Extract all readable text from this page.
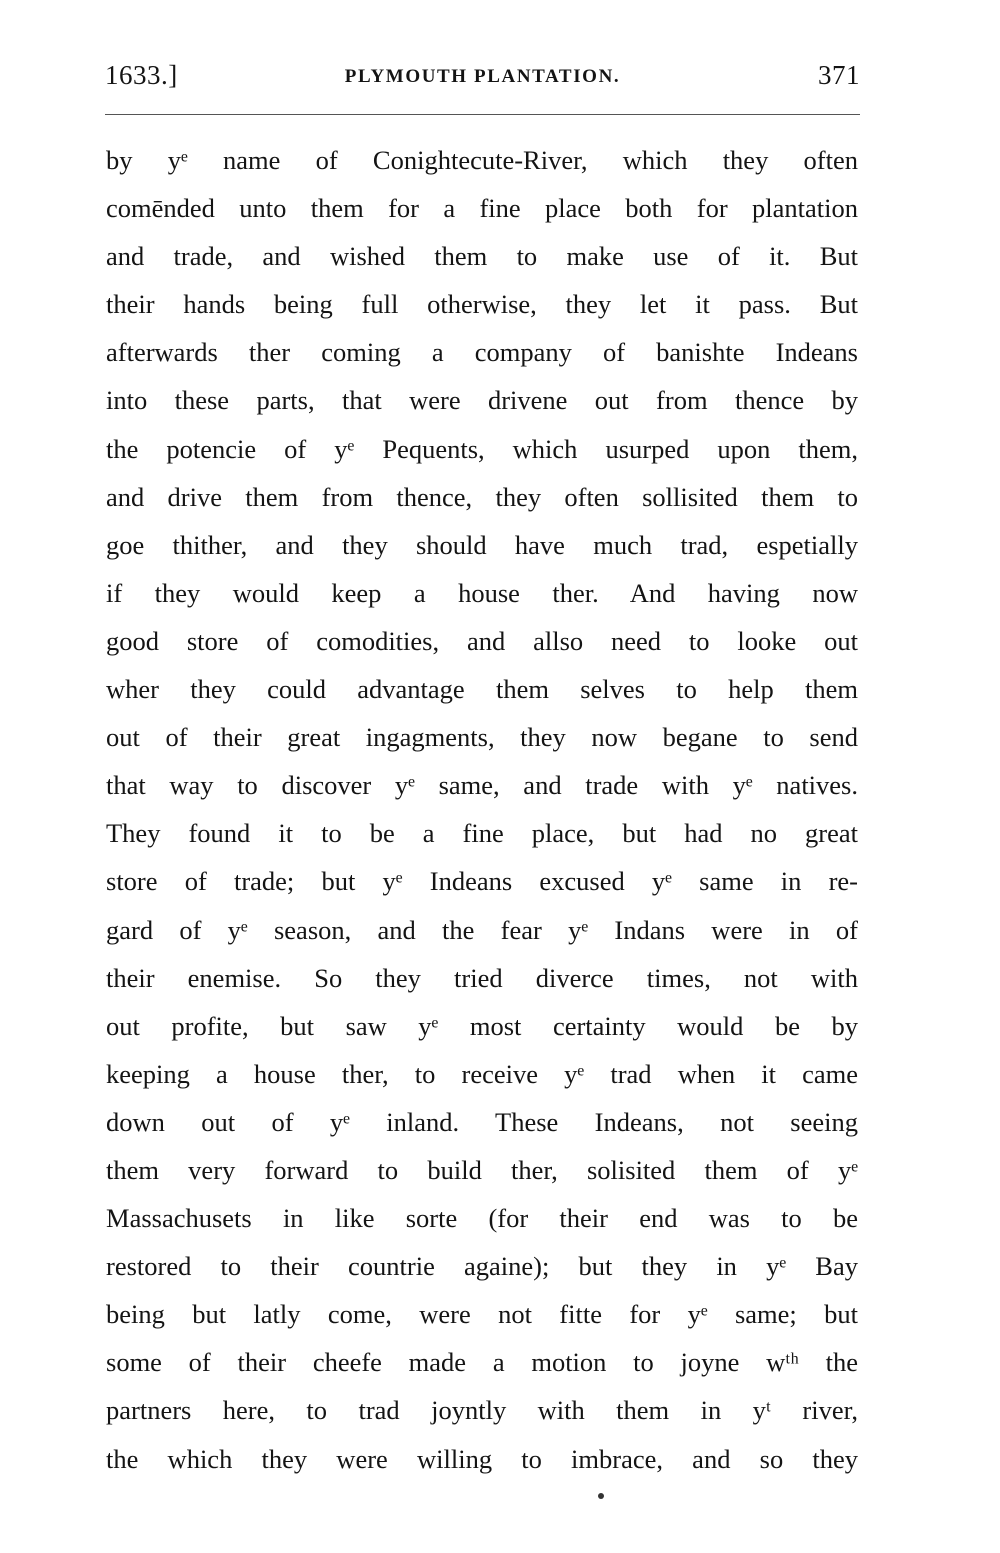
1633.]	PLYMOUTH PLANTATION.	371
by yᵉ name of Conightecute-River, which they often
comēnded unto them for a fine place both for plantation
and trade, and wished them to make use of it. But
their hands being full otherwise, they let it pass. But
afterwards ther coming a company of banishte Indeans
into these parts, that were drivene out from thence by
the potencie of yᵉ Pequents, which usurped upon them,
and drive them from thence, they often sollisited them to
goe thither, and they should have much trad, espetially
if they would keep a house ther. And having now
good store of comodities, and allso need to looke out
wher they could advantage them selves to help them
out of their great ingagments, they now begane to send
that way to discover yᵉ same, and trade with yᵉ natives.
They found it to be a fine place, but had no great
store of trade; but yᵉ Indeans excused yᵉ same in re-
gard of yᵉ season, and the fear yᵉ Indans were in of
their enemise. So they tried diverce times, not with
out profite, but saw yᵉ most certainty would be by
keeping a house ther, to receive yᵉ trad when it came
down out of yᵉ inland. These Indeans, not seeing
them very forward to build ther, solisited them of yᵉ
Massachusets in like sorte (for their end was to be
restored to their countrie againe); but they in yᵉ Bay
being but latly come, were not fitte for yᵉ same; but
some of their cheefe made a motion to joyne wᵗʰ the
partners here, to trad joyntly with them in yᵗ river,
the which they were willing to imbrace, and so they
